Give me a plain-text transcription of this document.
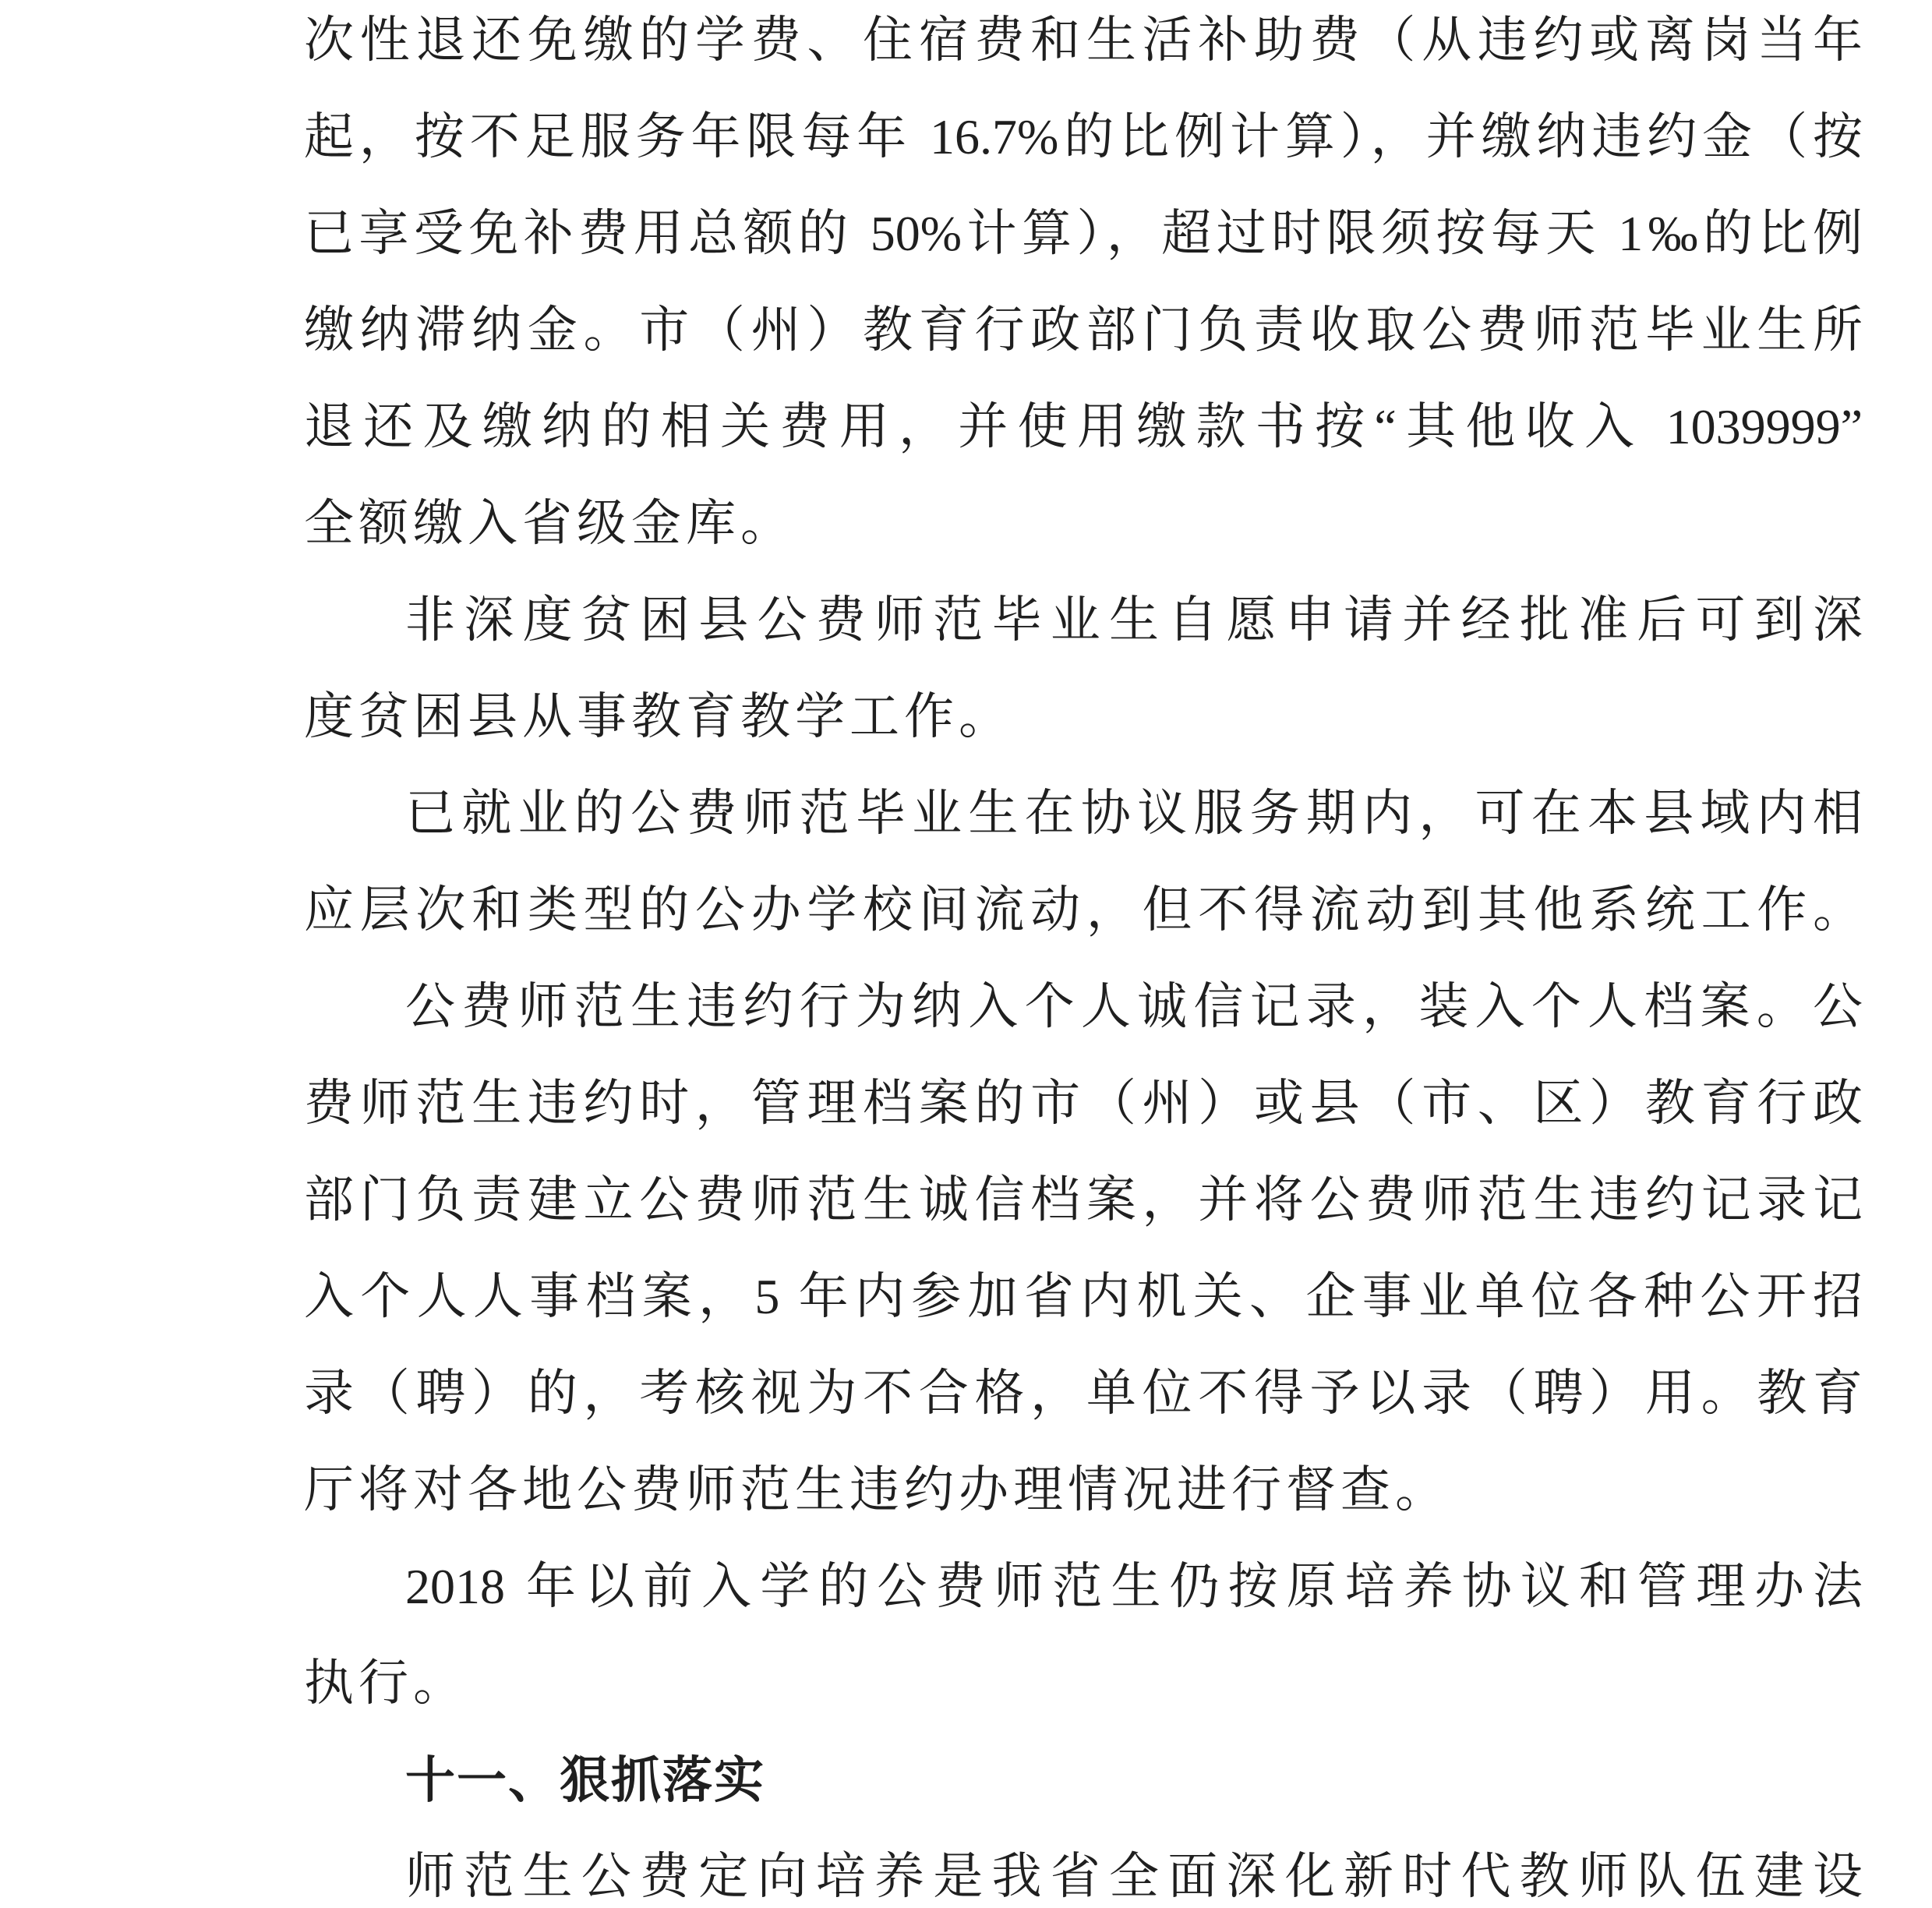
次性退还免缴的学费、住宿费和生活补助费（从违约或离岗当年
起，按不足服务年限每年 16.7%的比例计算），并缴纳违约金（按
已享受免补费用总额的 50%计算），超过时限须按每天 1‰的比例
缴纳滞纳金。市（州）教育行政部门负责收取公费师范毕业生所
退还及缴纳的相关费用，并使用缴款书按“其他收入 1039999”
全额缴入省级金库。
非深度贫困县公费师范毕业生自愿申请并经批准后可到深
度贫困县从事教育教学工作。
已就业的公费师范毕业生在协议服务期内，可在本县域内相
应层次和类型的公办学校间流动，但不得流动到其他系统工作。
公费师范生违约行为纳入个人诚信记录，装入个人档案。公
费师范生违约时，管理档案的市（州）或县（市、区）教育行政
部门负责建立公费师范生诚信档案，并将公费师范生违约记录记
入个人人事档案，5 年内参加省内机关、企事业单位各种公开招
录（聘）的，考核视为不合格，单位不得予以录（聘）用。教育
厅将对各地公费师范生违约办理情况进行督查。
2018 年以前入学的公费师范生仍按原培养协议和管理办法
执行。
十一、狠抓落实
师范生公费定向培养是我省全面深化新时代教师队伍建设
